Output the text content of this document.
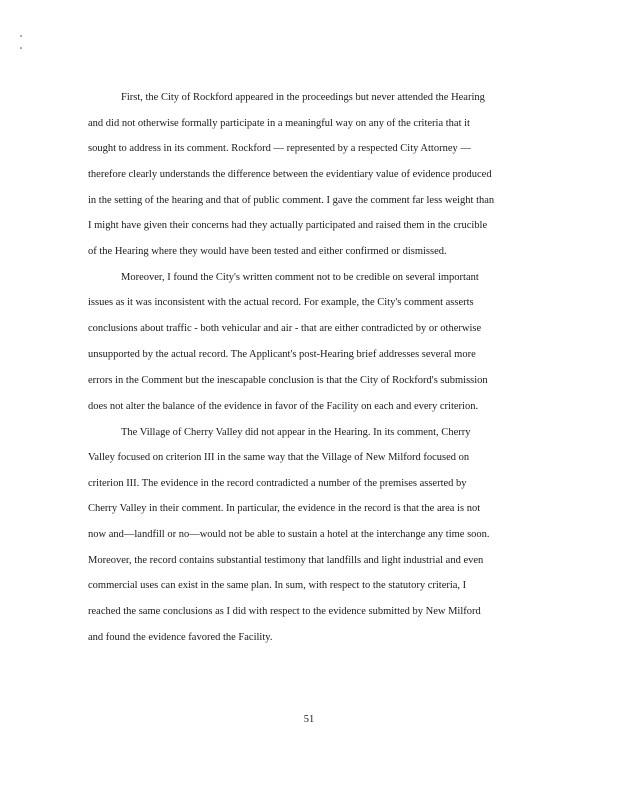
First, the City of Rockford appeared in the proceedings but never attended the Hearing
and did not otherwise formally participate in a meaningful way on any of the criteria that it
sought to address in its comment. Rockford — represented by a respected City Attorney —
therefore clearly understands the difference between the evidentiary value of evidence produced
in the setting of the hearing and that of public comment. I gave the comment far less weight than
I might have given their concerns had they actually participated and raised them in the crucible
of the Hearing where they would have been tested and either confirmed or dismissed.
Moreover, I found the City's written comment not to be credible on several important
issues as it was inconsistent with the actual record. For example, the City's comment asserts
conclusions about traffic - both vehicular and air - that are either contradicted by or otherwise
unsupported by the actual record. The Applicant's post-Hearing brief addresses several more
errors in the Comment but the inescapable conclusion is that the City of Rockford's submission
does not alter the balance of the evidence in favor of the Facility on each and every criterion.
The Village of Cherry Valley did not appear in the Hearing. In its comment, Cherry
Valley focused on criterion III in the same way that the Village of New Milford focused on
criterion III. The evidence in the record contradicted a number of the premises asserted by
Cherry Valley in their comment. In particular, the evidence in the record is that the area is not
now and—landfill or no—would not be able to sustain a hotel at the interchange any time soon.
Moreover, the record contains substantial testimony that landfills and light industrial and even
commercial uses can exist in the same plan. In sum, with respect to the statutory criteria, I
reached the same conclusions as I did with respect to the evidence submitted by New Milford
and found the evidence favored the Facility.
51
